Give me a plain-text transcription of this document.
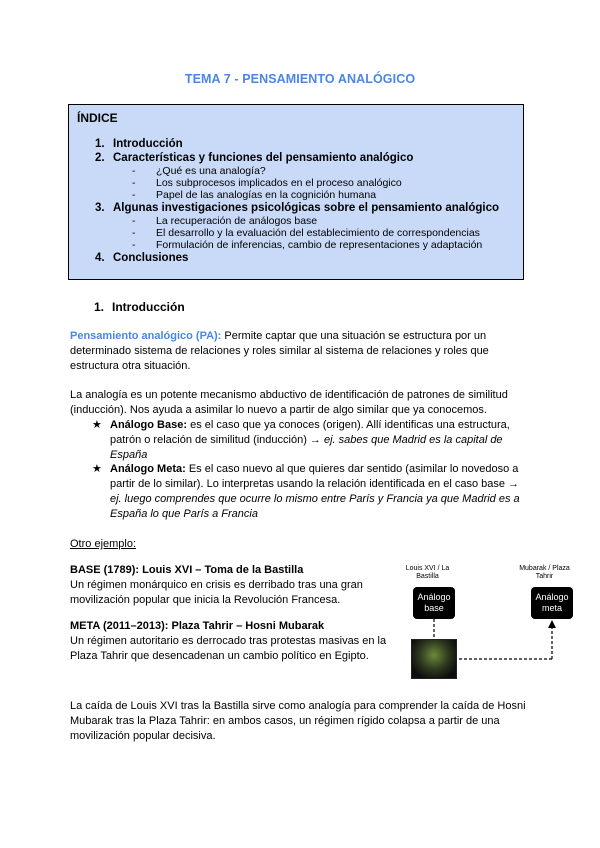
TEMA 7 - PENSAMIENTO ANALÓGICO
ÍNDICE
1. Introducción
2. Características y funciones del pensamiento analógico
-	¿Qué es una analogía?
-	Los subprocesos implicados en el proceso analógico
-	Papel de las analogías en la cognición humana
3. Algunas investigaciones psicológicas sobre el pensamiento analógico
-	La recuperación de análogos base
-	El desarrollo y la evaluación del establecimiento de correspondencias
-	Formulación de inferencias, cambio de representaciones y adaptación
4. Conclusiones
1. Introducción
Pensamiento analógico (PA): Permite captar que una situación se estructura por un determinado sistema de relaciones y roles similar al sistema de relaciones y roles que estructura otra situación.
La analogía es un potente mecanismo abductivo de identificación de patrones de similitud (inducción). Nos ayuda a asimilar lo nuevo a partir de algo similar que ya conocemos.
★ Análogo Base: es el caso que ya conoces (origen). Allí identificas una estructura, patrón o relación de similitud (inducción) → ej. sabes que Madrid es la capital de España
★ Análogo Meta: Es el caso nuevo al que quieres dar sentido (asimilar lo novedoso a partir de lo similar). Lo interpretas usando la relación identificada en el caso base → ej. luego comprendes que ocurre lo mismo entre París y Francia ya que Madrid es a España lo que París a Francia
Otro ejemplo:
BASE (1789): Louis XVI – Toma de la Bastilla
Un régimen monárquico en crisis es derribado tras una gran movilización popular que inicia la Revolución Francesa.
META (2011–2013): Plaza Tahrir – Hosni Mubarak
Un régimen autoritario es derrocado tras protestas masivas en la Plaza Tahrir que desencadenan un cambio político en Egipto.
Louis XVI / La Bastilla
Análogo base
Mubarak / Plaza Tahrir
Análogo meta
La caída de Louis XVI tras la Bastilla sirve como analogía para comprender la caída de Hosni Mubarak tras la Plaza Tahrir: en ambos casos, un régimen rígido colapsa a partir de una movilización popular decisiva.
